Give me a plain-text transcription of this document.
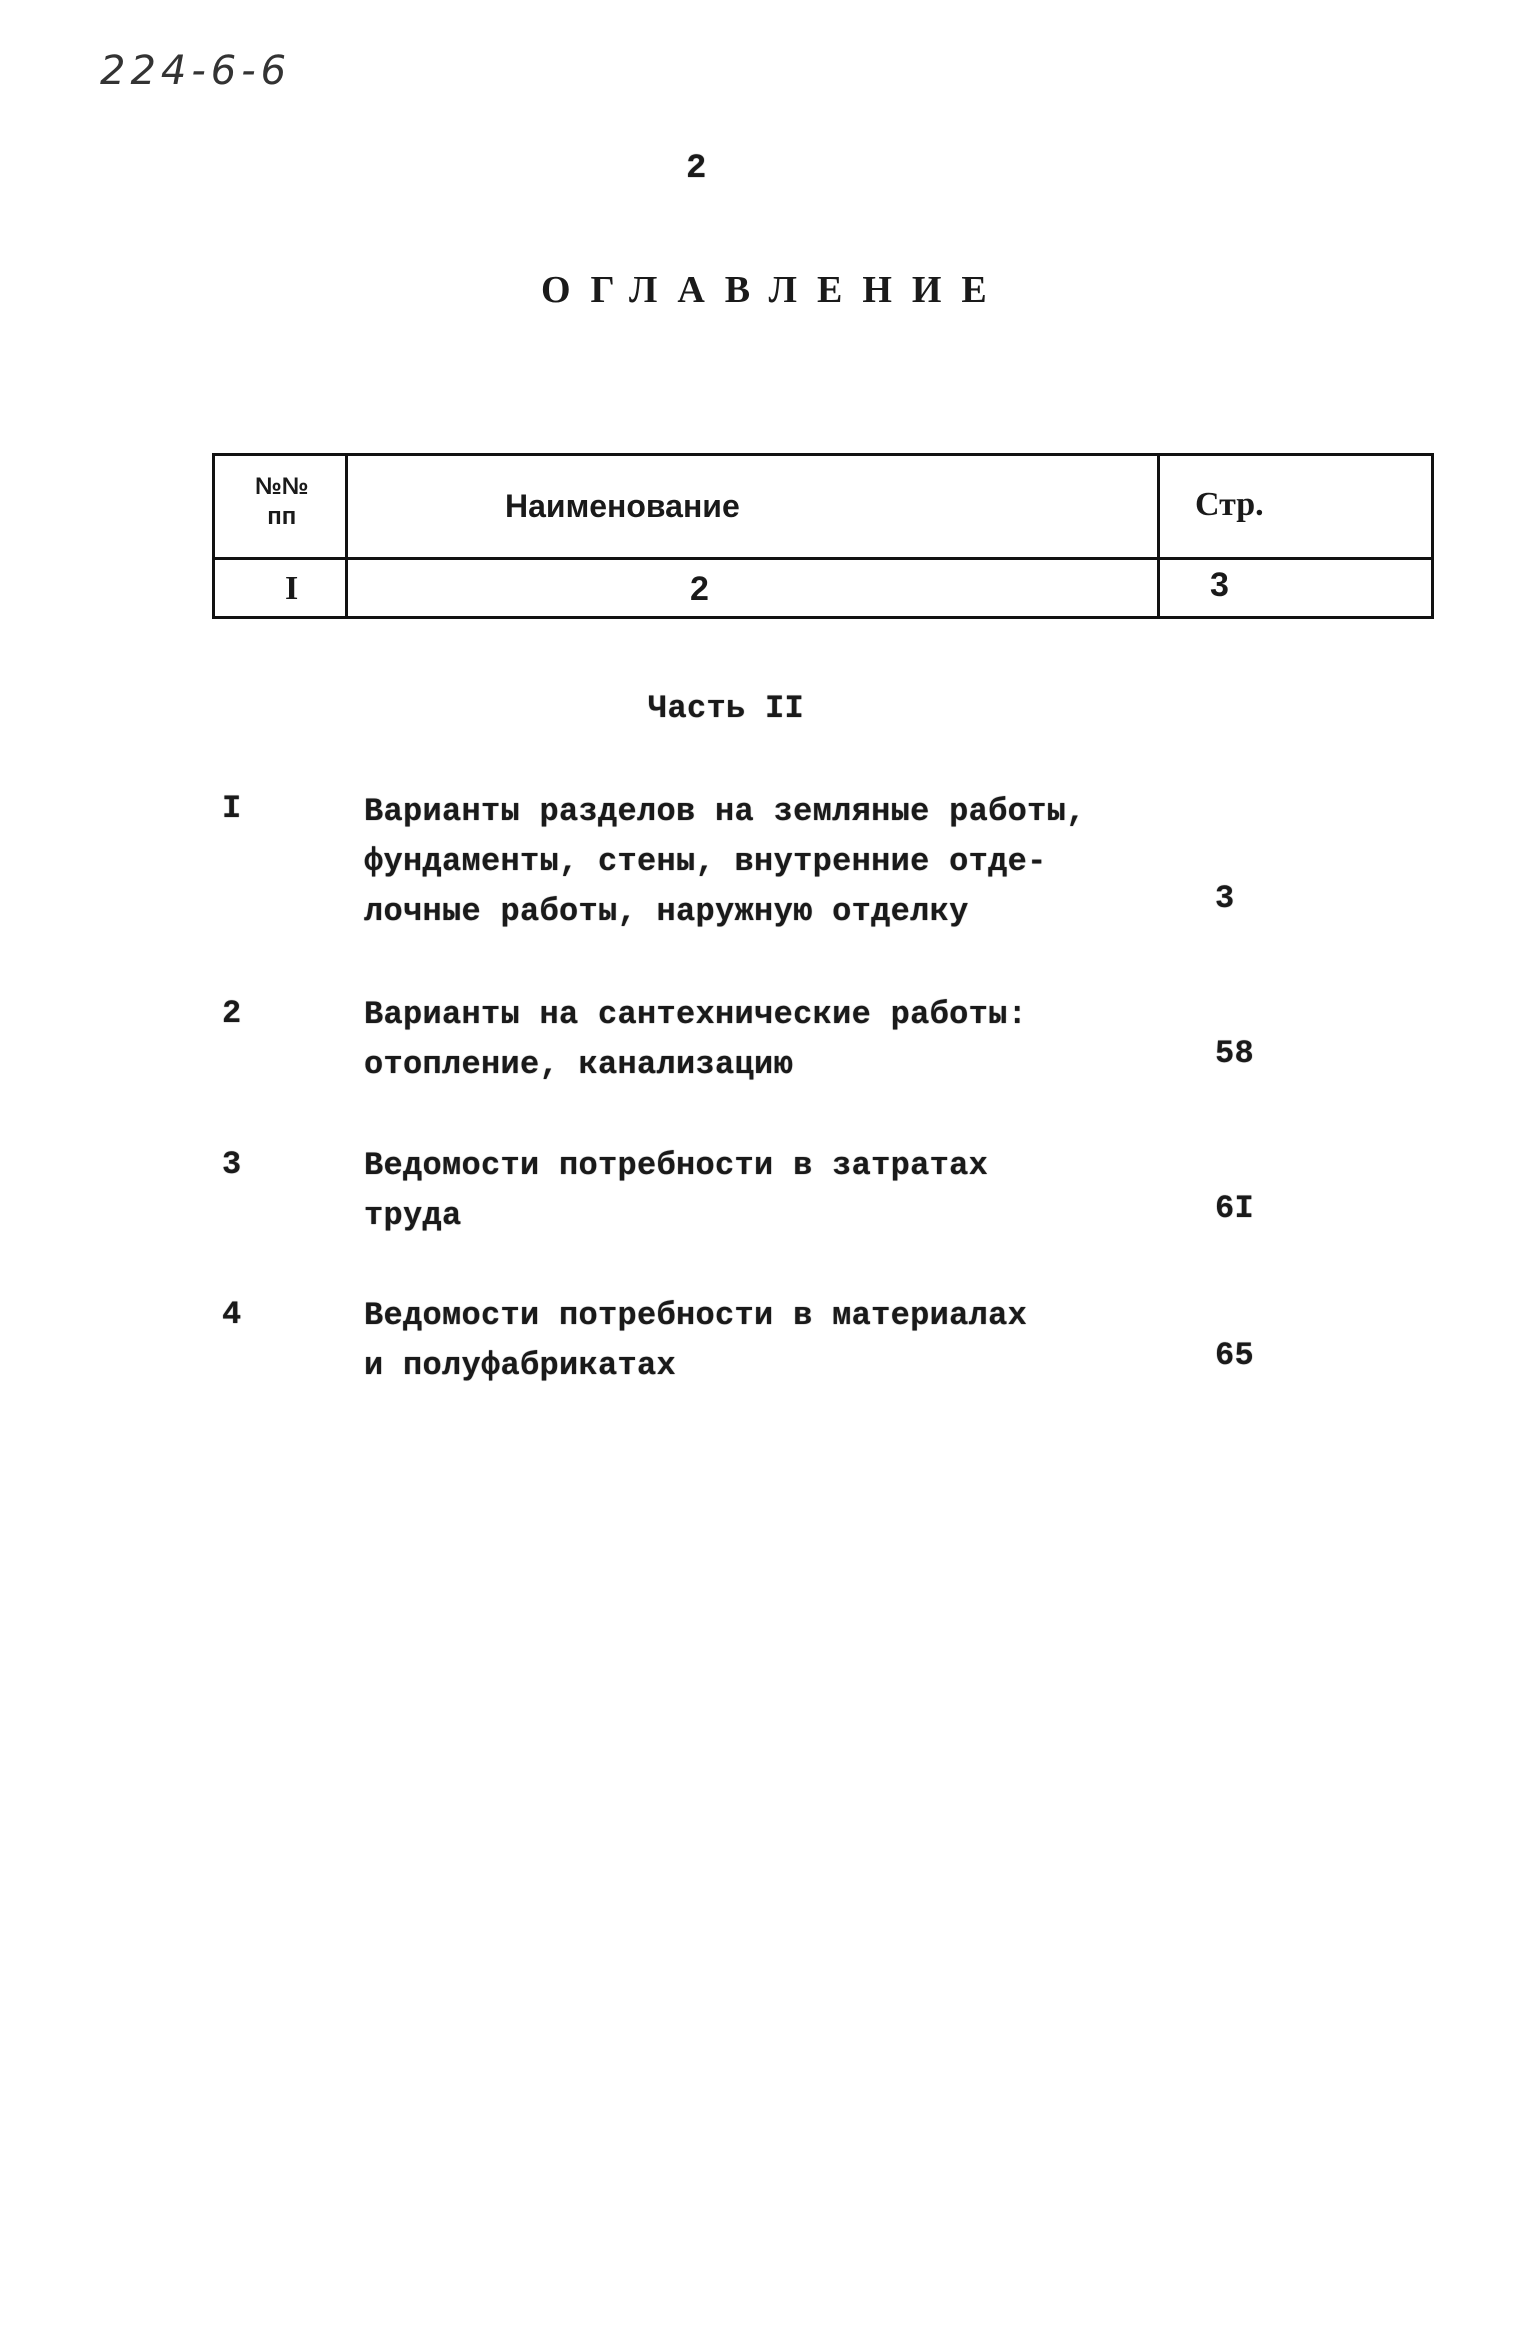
224-6-6
2
ОГЛАВЛЕНИЕ
№№
пп	Наименование	Стр.
I	2	3
Часть II
I	Варианты разделов на земляные работы,
фундаменты, стены, внутренние отде-
лочные работы, наружную отделку	3
2	Варианты на сантехнические работы:
отопление, канализацию	58
3	Ведомости потребности в затратах
труда	6I
4	Ведомости потребности в материалах
и полуфабрикатах	65
